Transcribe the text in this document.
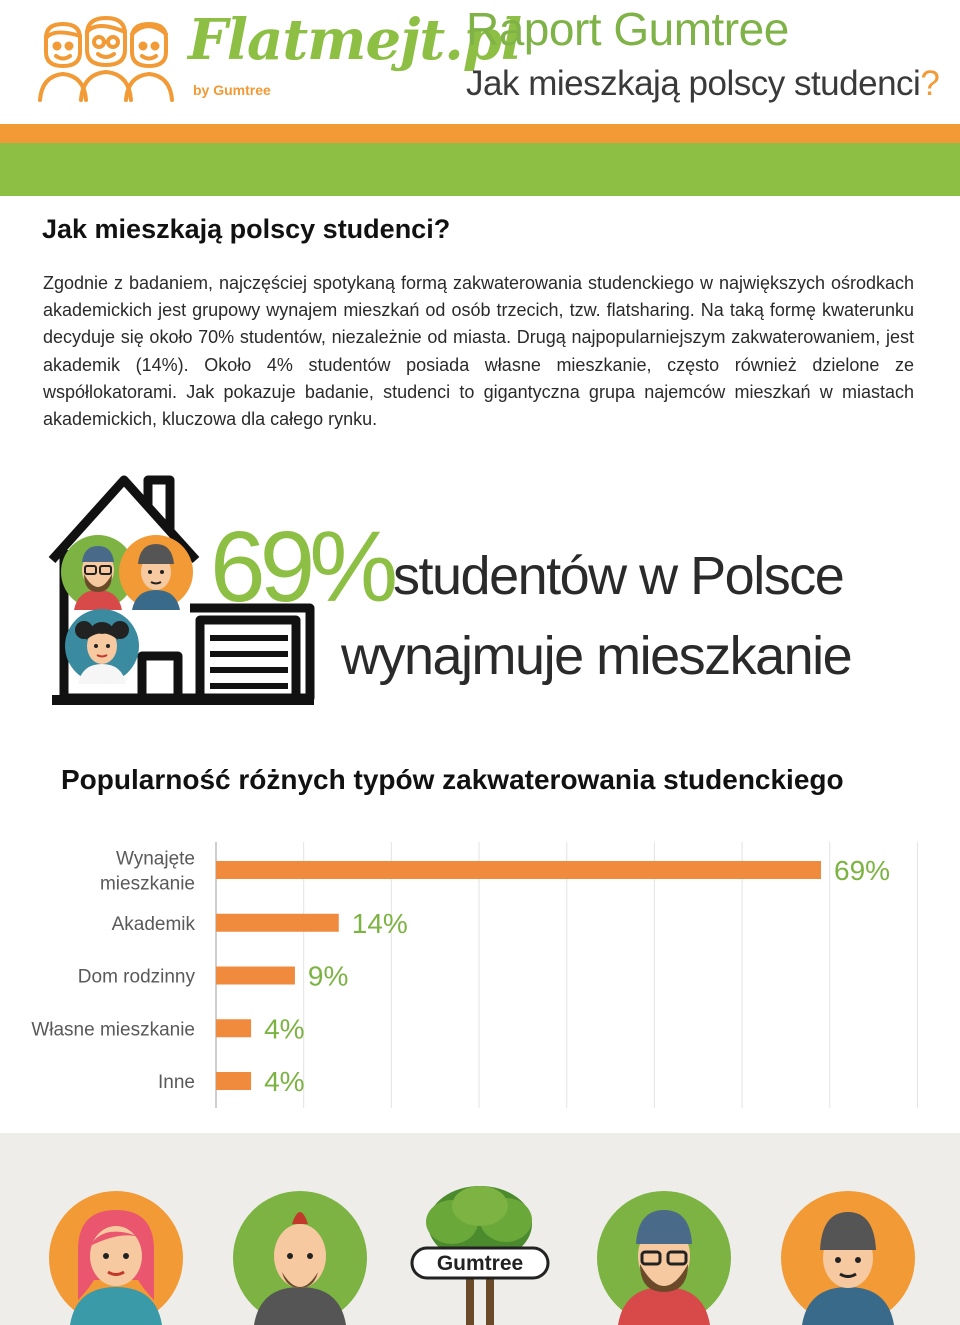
Flatmejt.pl
by Gumtree
Raport Gumtree
Jak mieszkają polscy studenci?
Jak mieszkają polscy studenci?
Zgodnie z badaniem, najczęściej spotykaną formą zakwaterowania studenckiego w największych ośrodkach akademickich jest grupowy wynajem mieszkań od osób trzecich, tzw. flatsharing. Na taką formę kwaterunku decyduje się około 70% studentów, niezależnie od miasta. Drugą najpopularniejszym zakwaterowaniem, jest akademik (14%). Około 4% studentów posiada własne mieszkanie, często również dzielone ze współlokatorami. Jak pokazuje badanie, studenci to gigantyczna grupa najemców mieszkań w miastach akademickich, kluczowa dla całego rynku.
69% studentów w Polsce
wynajmuje mieszkanie
Popularność różnych typów zakwaterowania studenckiego
69%
Wynajęte
mieszkanie
14%
Akademik
9%
Dom rodzinny
4%
Własne mieszkanie
4%
Inne
Gumtree
